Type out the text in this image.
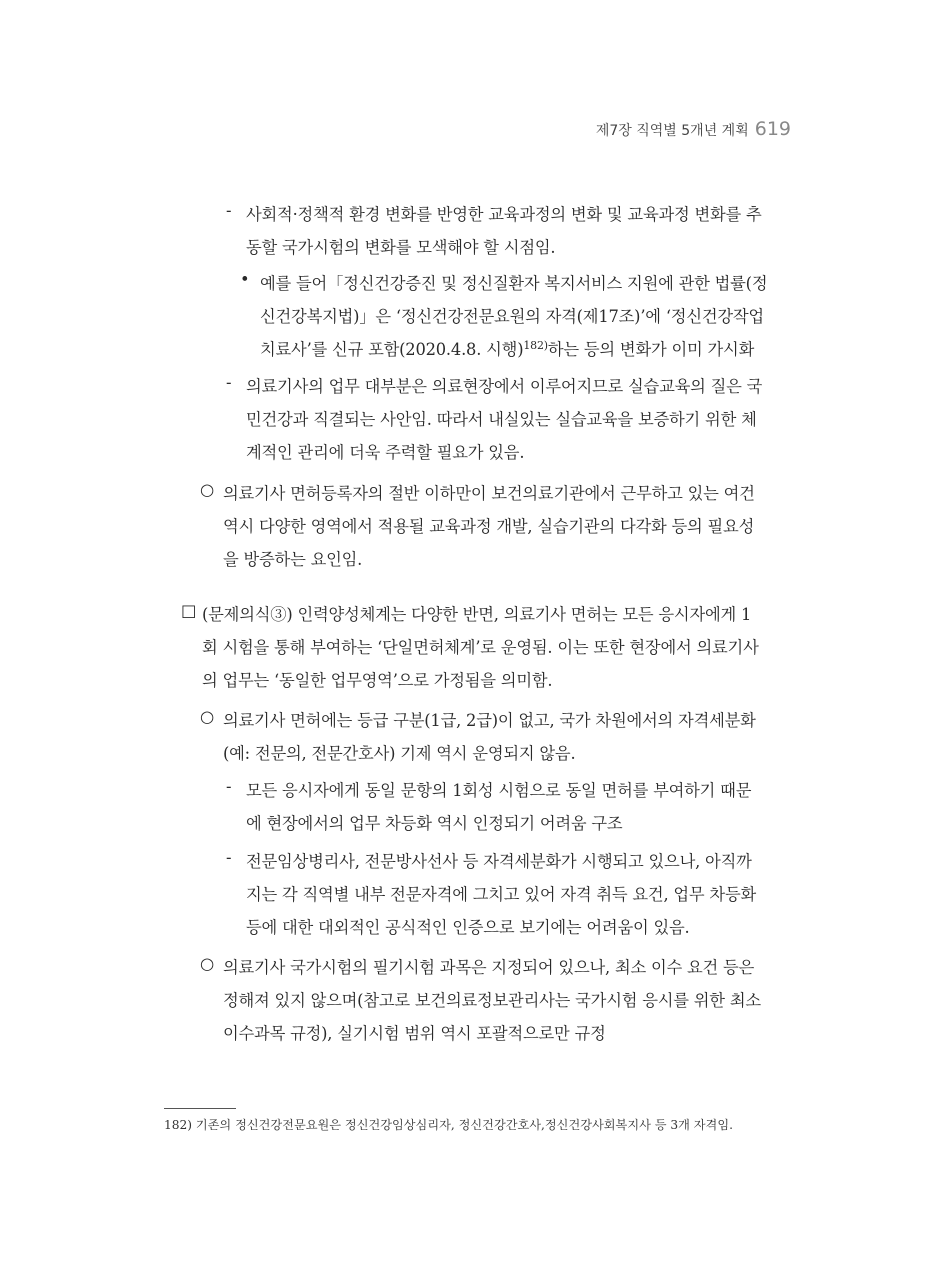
제7장 직역별 5개년 계획 619
- 사회적·정책적 환경 변화를 반영한 교육과정의 변화 및 교육과정 변화를 추
동할 국가시험의 변화를 모색해야 할 시점임.
• 예를 들어「정신건강증진 및 정신질환자 복지서비스 지원에 관한 법률(정
신건강복지법)」은 ‘정신건강전문요원의 자격(제17조)’에 ‘정신건강작업
치료사’를 신규 포함(2020.4.8. 시행)$^{182)}$하는 등의 변화가 이미 가시화
- 의료기사의 업무 대부분은 의료현장에서 이루어지므로 실습교육의 질은 국
민건강과 직결되는 사안임. 따라서 내실있는 실습교육을 보증하기 위한 체
계적인 관리에 더욱 주력할 필요가 있음.
○ 의료기사 면허등록자의 절반 이하만이 보건의료기관에서 근무하고 있는 여건
역시 다양한 영역에서 적용될 교육과정 개발, 실습기관의 다각화 등의 필요성
을 방증하는 요인임.
□ (문제의식③) 인력양성체계는 다양한 반면, 의료기사 면허는 모든 응시자에게 1
회 시험을 통해 부여하는 ‘단일면허체계’로 운영됨. 이는 또한 현장에서 의료기사
의 업무는 ‘동일한 업무영역’으로 가정됨을 의미함.
○ 의료기사 면허에는 등급 구분(1급, 2급)이 없고, 국가 차원에서의 자격세분화
(예: 전문의, 전문간호사) 기제 역시 운영되지 않음.
- 모든 응시자에게 동일 문항의 1회성 시험으로 동일 면허를 부여하기 때문
에 현장에서의 업무 차등화 역시 인정되기 어려움 구조
- 전문임상병리사, 전문방사선사 등 자격세분화가 시행되고 있으나, 아직까
지는 각 직역별 내부 전문자격에 그치고 있어 자격 취득 요건, 업무 차등화
등에 대한 대외적인 공식적인 인증으로 보기에는 어려움이 있음.
○ 의료기사 국가시험의 필기시험 과목은 지정되어 있으나, 최소 이수 요건 등은
정해져 있지 않으며(참고로 보건의료정보관리사는 국가시험 응시를 위한 최소
이수과목 규정), 실기시험 범위 역시 포괄적으로만 규정
182) 기존의 정신건강전문요원은 정신건강임상심리자, 정신건강간호사,정신건강사회복지사 등 3개 자격임.
